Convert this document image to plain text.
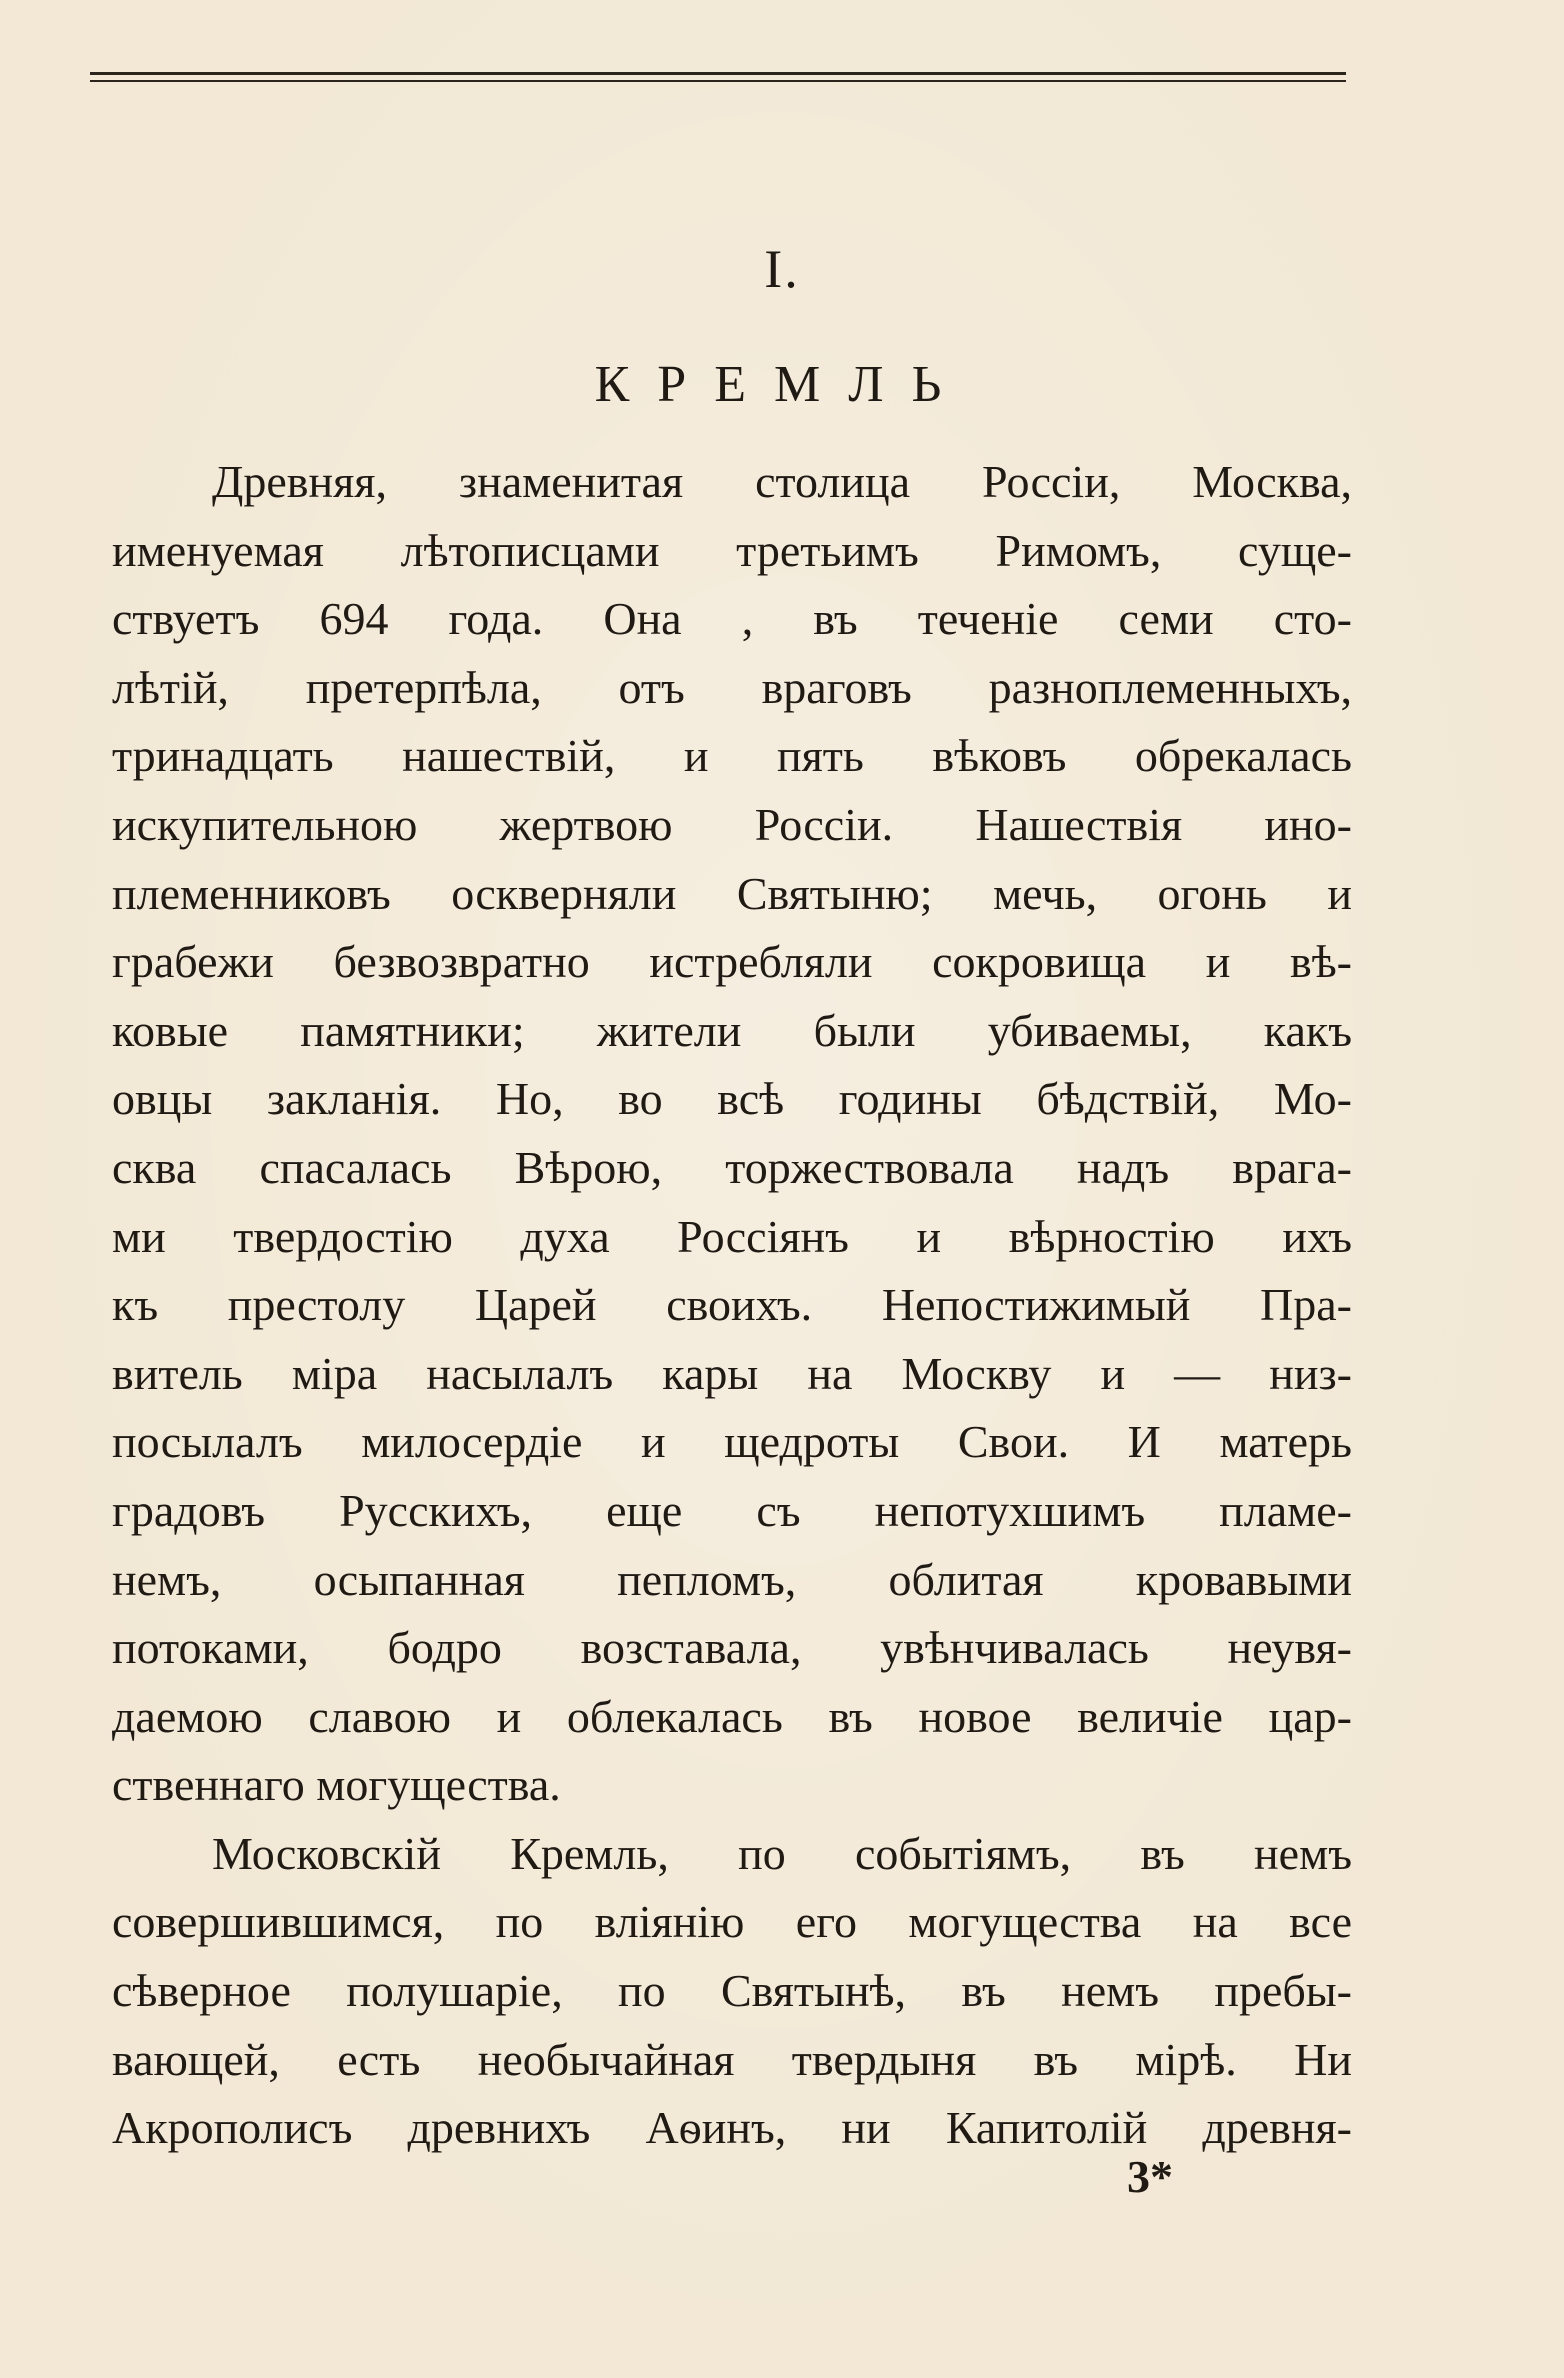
I.
КРЕМЛЬ
Древняя, знаменитая столица Россіи, Москва,
именуемая лѣтописцами третьимъ Римомъ, суще-
ствуетъ 694 года. Она , въ теченіе семи сто-
лѣтій, претерпѣла, отъ враговъ разноплеменныхъ,
тринадцать нашествій, и пять вѣковъ обрекалась
искупительною жертвою Россіи. Нашествія ино-
племенниковъ оскверняли Святыню; мечь, огонь и
грабежи безвозвратно истребляли сокровища и вѣ-
ковые памятники; жители были убиваемы, какъ
овцы закланія. Но, во всѣ годины бѣдствій, Мо-
сква спасалась Вѣрою, торжествовала надъ врага-
ми твердостію духа Россіянъ и вѣрностію ихъ
къ престолу Царей своихъ. Непостижимый Пра-
витель міра насылалъ кары на Москву и — низ-
посылалъ милосердіе и щедроты Свои. И матерь
градовъ Русскихъ, еще съ непотухшимъ пламе-
немъ, осыпанная пепломъ, облитая кровавыми
потоками, бодро возставала, увѣнчивалась неувя-
даемою славою и облекалась въ новое величіе цар-
ственнаго могущества.
Московскій Кремль, по событіямъ, въ немъ
совершившимся, по вліянію его могущества на все
сѣверное полушаріе, по Святынѣ, въ немъ пребы-
вающей, есть необычайная твердыня въ мірѣ. Ни
Акрополисъ древнихъ Аѳинъ, ни Капитолій древня-
3*
